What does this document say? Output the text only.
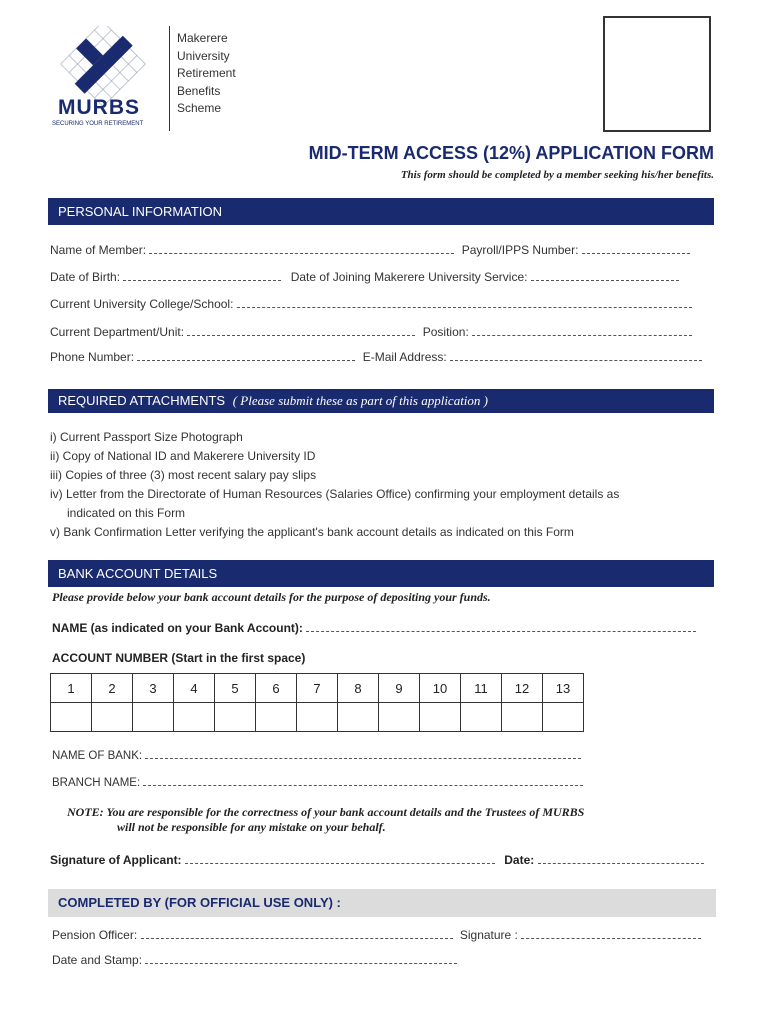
MURBS
SECURING YOUR RETIREMENT
Makerere
University
Retirement
Benefits
Scheme
MID-TERM ACCESS (12%) APPLICATION FORM
This form should be completed by a member seeking his/her benefits.
PERSONAL INFORMATION
Name of Member:	Payroll/IPPS Number:
Date of Birth:	Date of Joining Makerere University Service:
Current University College/School:
Current Department/Unit:	Position:
Phone Number:	E-Mail Address:
REQUIRED ATTACHMENTS ( Please submit these as part of this application )
i) Current Passport Size Photograph
ii) Copy of National ID and Makerere University ID
iii) Copies of three (3) most recent salary pay slips
iv) Letter from the Directorate of Human Resources (Salaries Office) confirming your employment details as
indicated on this Form
v) Bank Confirmation Letter verifying the applicant's bank account details as indicated on this Form
BANK ACCOUNT DETAILS
Please provide below your bank account details for the purpose of depositing your funds.
NAME (as indicated on your Bank Account):
ACCOUNT NUMBER (Start in the first space)
1	2	3	4	5	6	7	8	9	10	11	12	13

NAME OF BANK:
BRANCH NAME:
NOTE: You are responsible for the correctness of your bank account details and the Trustees of MURBS
will not be responsible for any mistake on your behalf.
Signature of Applicant:	Date:
COMPLETED BY (FOR OFFICIAL USE ONLY) :
Pension Officer:	Signature :
Date and Stamp:
